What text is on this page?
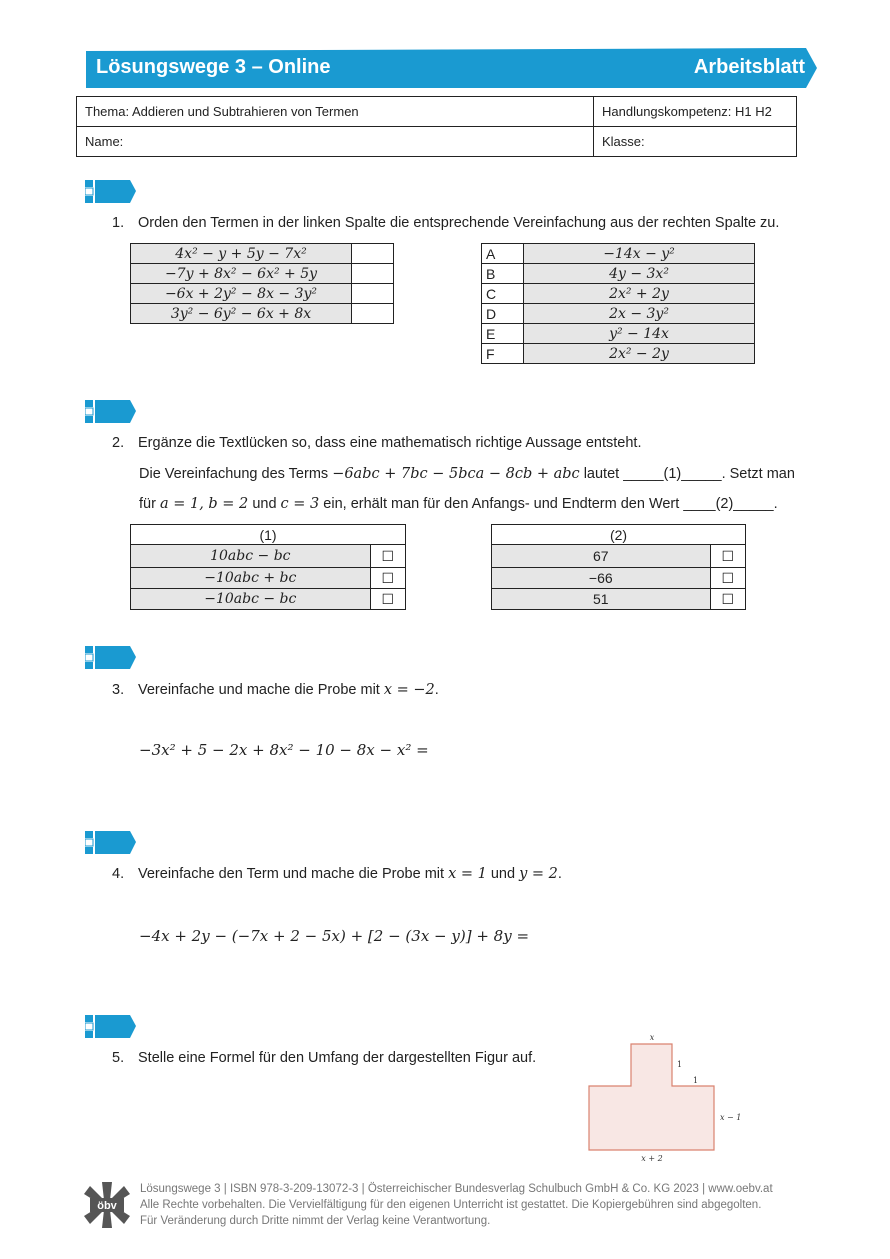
Lösungswege 3 – Online	Arbeitsblatt
Thema: Addieren und Subtrahieren von Termen	Handlungskompetenz: H1 H2
Name:	Klasse:
1. Orden den Termen in der linken Spalte die entsprechende Vereinfachung aus der rechten Spalte zu.
4x² − y + 5y − 7x²	
−7y + 8x² − 6x² + 5y	
−6x + 2y² − 8x − 3y²	
3y² − 6y² − 6x + 8x	
A	−14x − y²
B	4y − 3x²
C	2x² + 2y
D	2x − 3y²
E	y² − 14x
F	2x² − 2y
2. Ergänze die Textlücken so, dass eine mathematisch richtige Aussage entsteht.
Die Vereinfachung des Terms −6abc + 7bc − 5bca − 8cb + abc lautet _____(1)_____. Setzt man
für a = 1, b = 2 und c = 3 ein, erhält man für den Anfangs- und Endterm den Wert ____(2)_____.
(1)	
10abc − bc	☐
−10abc + bc	☐
−10abc − bc	☐
(2)	
67	☐
−66	☐
51	☐
3. Vereinfache und mache die Probe mit x = −2.
−3x² + 5 − 2x + 8x² − 10 − 8x − x² =
4. Vereinfache den Term und mache die Probe mit x = 1 und y = 2.
−4x + 2y − (−7x + 2 − 5x) + [2 − (3x − y)] + 8y =
5. Stelle eine Formel für den Umfang der dargestellten Figur auf.
x
1
1
x − 1
x + 2
öbv
Lösungswege 3 | ISBN 978-3-209-13072-3 | Österreichischer Bundesverlag Schulbuch GmbH & Co. KG 2023 | www.oebv.at
Alle Rechte vorbehalten. Die Vervielfältigung für den eigenen Unterricht ist gestattet. Die Kopiergebühren sind abgegolten.
Für Veränderung durch Dritte nimmt der Verlag keine Verantwortung.
